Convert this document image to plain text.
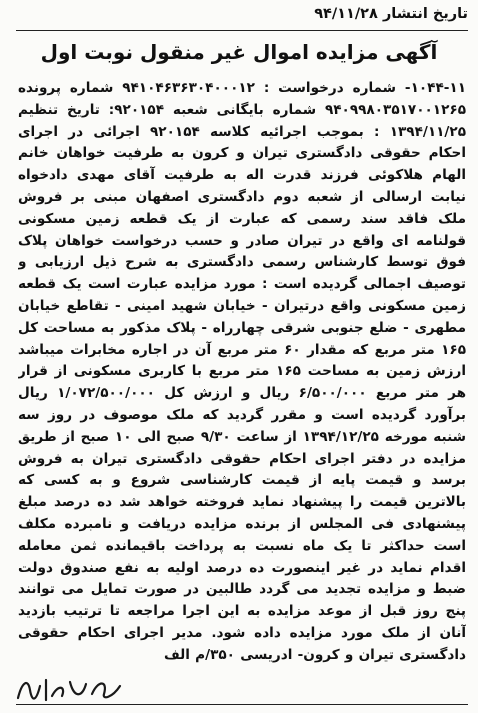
تاریخ انتشار ۹۴/۱۱/۲۸
آگهی مزایده اموال غیر منقول نوبت اول
۱۰۴۴-۱۱- شماره درخواست : ۹۴۱۰۴۶۳۶۳۰۴۰۰۰۱۲ شماره پرونده ۹۴۰۹۹۸۰۳۵۱۷۰۰۱۲۶۵ شماره بایگانی شعبه ۹۲۰۱۵۴: تاریخ تنظیم ۱۳۹۴/۱۱/۲۵ : بموجب اجرائیه کلاسه ۹۲۰۱۵۴ اجرائی در اجرای احکام حقوقی دادگستری تیران و کرون به طرفیت خواهان خانم الهام هلاکوئی فرزند قدرت اله به طرفیت آقای مهدی دادخواه نیابت ارسالی از شعبه دوم دادگستری اصفهان مبنی بر فروش ملک فاقد سند رسمی که عبارت از یک قطعه زمین مسکونی قولنامه ای واقع در تیران صادر و حسب درخواست خواهان پلاک فوق توسط کارشناس رسمی دادگستری به شرح ذیل ارزیابی و توصیف اجمالی گردیده است : مورد مزایده عبارت است یک قطعه زمین مسکونی واقع درتیران - خیابان شهید امینی - تقاطع خیابان مطهری - ضلع جنوبی شرقی چهارراه - پلاک مذکور به مساحت کل ۱۶۵ متر مربع که مقدار ۶۰ متر مربع آن در اجاره مخابرات میباشد ارزش زمین به مساحت ۱۶۵ متر مربع با کاربری مسکونی از قرار هر متر مربع ۶/۵۰۰/۰۰۰ ریال و ارزش کل ۱/۰۷۲/۵۰۰/۰۰۰ ریال برآورد گردیده است و مقرر گردید که ملک موصوف در روز سه شنبه مورخه ۱۳۹۴/۱۲/۲۵ از ساعت ۹/۳۰ صبح الی ۱۰ صبح از طریق مزایده در دفتر اجرای احکام حقوقی دادگستری تیران به فروش برسد و قیمت پایه از قیمت کارشناسی شروع و به کسی که بالاترین قیمت را پیشنهاد نماید فروخته خواهد شد ده درصد مبلغ پیشنهادی فی المجلس از برنده مزایده دریافت و نامبرده مکلف است حداکثر تا یک ماه نسبت به پرداخت باقیمانده ثمن معامله اقدام نماید در غیر اینصورت ده درصد اولیه به نفع صندوق دولت ضبط و مزایده تجدید می گردد طالبین در صورت تمایل می توانند پنج روز قبل از موعد مزایده به این اجرا مراجعه تا ترتیب بازدید آنان از ملک مورد مزایده داده شود. مدیر اجرای احکام حقوقی دادگستری تیران و کرون- ادریسی ۳۵۰/م الف
